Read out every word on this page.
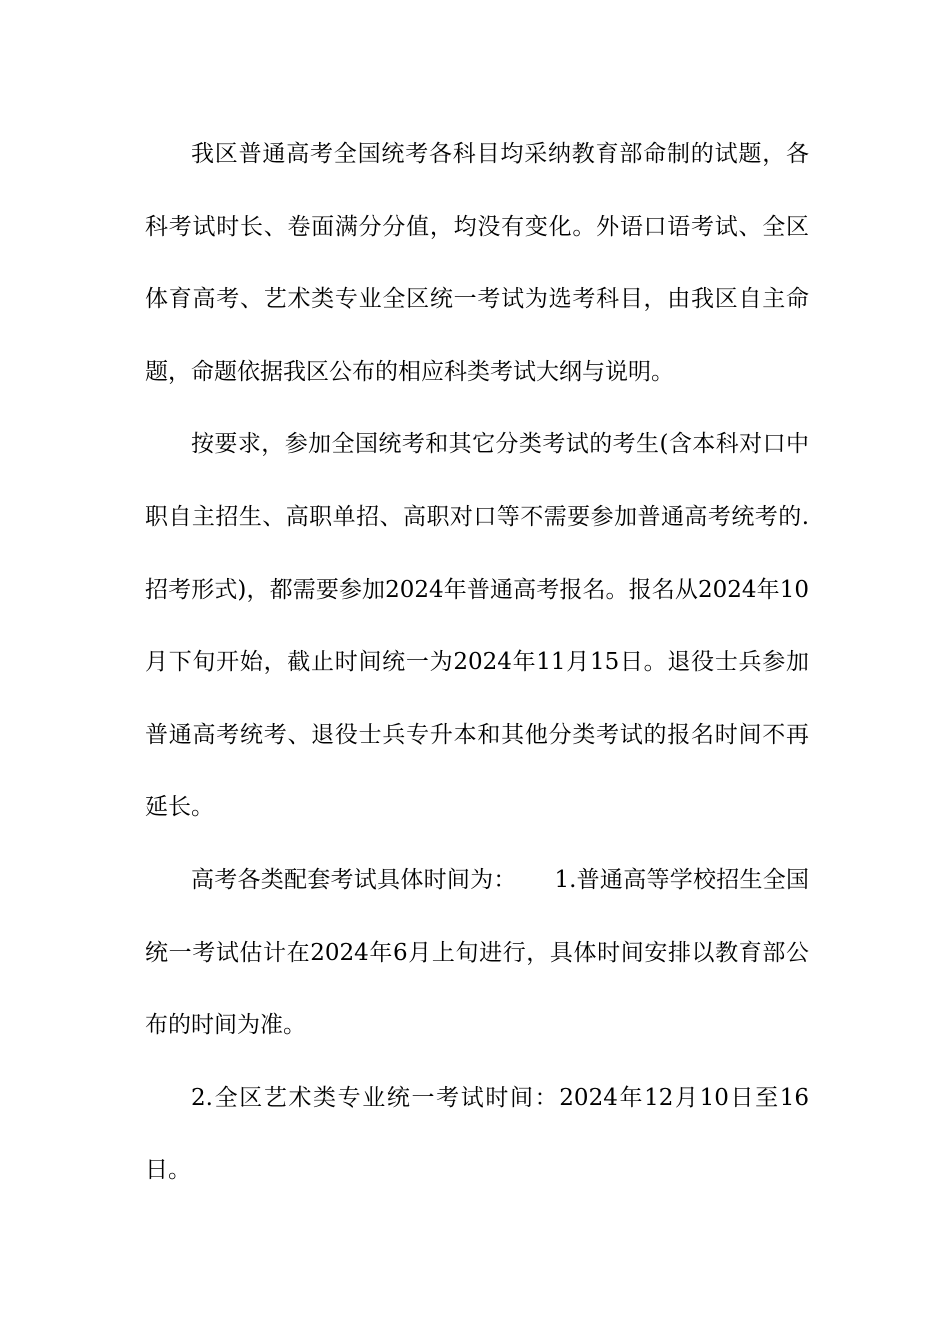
我区普通高考全国统考各科目均采纳教育部命制的试题，各科考试时长、卷面满分分值，均没有变化。外语口语考试、全区体育高考、艺术类专业全区统一考试为选考科目，由我区自主命题，命题依据我区公布的相应科类考试大纲与说明。

按要求，参加全国统考和其它分类考试的考生(含本科对口中职自主招生、高职单招、高职对口等不需要参加普通高考统考的.招考形式)，都需要参加2024年普通高考报名。报名从2024年10月下旬开始，截止时间统一为2024年11月15日。退役士兵参加普通高考统考、退役士兵专升本和其他分类考试的报名时间不再延长。

高考各类配套考试具体时间为：     1.普通高等学校招生全国统一考试估计在2024年6月上旬进行，具体时间安排以教育部公布的时间为准。

2.全区艺术类专业统一考试时间：2024年12月10日至16日。
